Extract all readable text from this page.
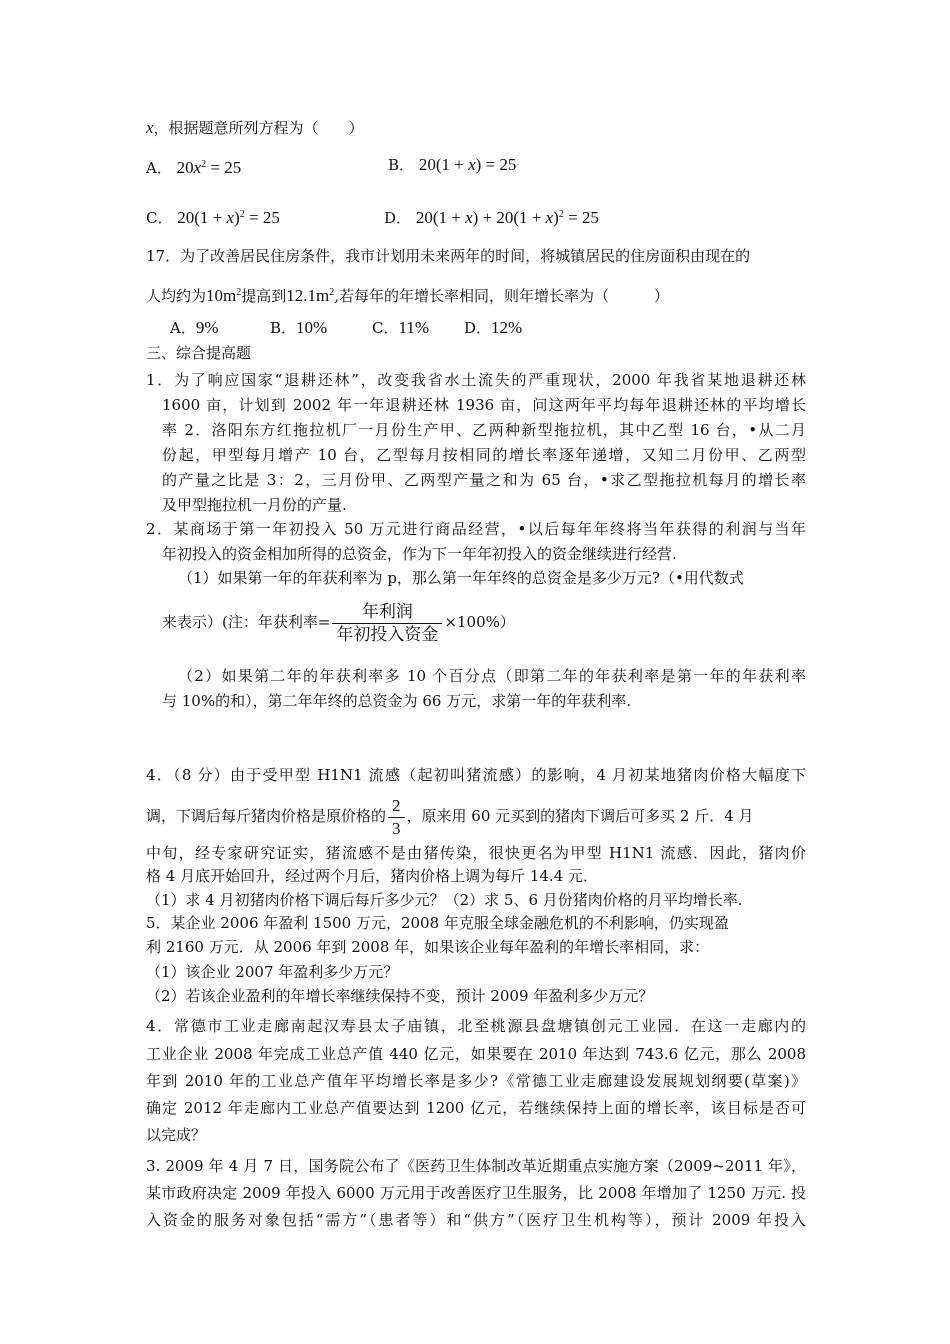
x，根据题意所列方程为（　　）
A． $20x^2 = 25$	B． 20(1 + x) = 25
C． $20(1 + x)^2 = 25$	D． $20(1 + x) + 20(1 + x)^2 = 25$
17．为了改善居民住房条件，我市计划用未来两年的时间，将城镇居民的住房面积由现在的
人均约为$10m^2$提高到$12.1m^2$,若每年的年增长率相同，则年增长率为（　　　）
A．9%	B．10%	C．11% D．12%
三、综合提高题
1．为了响应国家“退耕还林”，改变我省水土流失的严重现状，2000 年我省某地退耕还林
1600 亩，计划到 2002 年一年退耕还林 1936 亩，问这两年平均每年退耕还林的平均增长
率 2．洛阳东方红拖拉机厂一月份生产甲、乙两种新型拖拉机，其中乙型 16 台，•从二月
份起，甲型每月增产 10 台，乙型每月按相同的增长率逐年递增，又知二月份甲、乙两型
的产量之比是 3：2，三月份甲、乙两型产量之和为 65 台，•求乙型拖拉机每月的增长率
及甲型拖拉机一月份的产量.
2．某商场于第一年初投入 50 万元进行商品经营，•以后每年年终将当年获得的利润与当年
年初投入的资金相加所得的总资金，作为下一年年初投入的资金继续进行经营.
（1）如果第一年的年获利率为 p，那么第一年年终的总资金是多少万元?（•用代数式
来表示）(注：年获利率= $\frac{\text{年利润}}{\text{年初投入资金}} \times 100\%$）
（2）如果第二年的年获利率多 10 个百分点（即第二年的年获利率是第一年的年获利率
与 10%的和），第二年年终的总资金为 66 万元，求第一年的年获利率.
4．（8 分）由于受甲型 H1N1 流感（起初叫猪流感）的影响，4 月初某地猪肉价格大幅度下
调，下调后每斤猪肉价格是原价格的 $\frac{2}{3}$ ，原来用 60 元买到的猪肉下调后可多买 2 斤．4 月
中旬，经专家研究证实，猪流感不是由猪传染，很快更名为甲型 H1N1 流感．因此，猪肉价
格 4 月底开始回升，经过两个月后，猪肉价格上调为每斤 14.4 元．
（1）求 4 月初猪肉价格下调后每斤多少元？（2）求 5、6 月份猪肉价格的月平均增长率.
5．某企业 2006 年盈利 1500 万元，2008 年克服全球金融危机的不利影响，仍实现盈
利 2160 万元．从 2006 年到 2008 年，如果该企业每年盈利的年增长率相同，求：
（1）该企业 2007 年盈利多少万元？
（2）若该企业盈利的年增长率继续保持不变，预计 2009 年盈利多少万元？
4．常德市工业走廊南起汉寿县太子庙镇，北至桃源县盘塘镇创元工业园．在这一走廊内的
工业企业 2008 年完成工业总产值 440 亿元，如果要在 2010 年达到 743.6 亿元，那么 2008
年到 2010 年的工业总产值年平均增长率是多少?《常德工业走廊建设发展规划纲要(草案)》
确定 2012 年走廊内工业总产值要达到 1200 亿元，若继续保持上面的增长率，该目标是否可
以完成？
3. 2009 年 4 月 7 日，国务院公布了《医药卫生体制改革近期重点实施方案（2009~2011 年》，
某市政府决定 2009 年投入 6000 万元用于改善医疗卫生服务，比 2008 年增加了 1250 万元. 投
入资金的服务对象包括“需方”（患者等）和“供方”（医疗卫生机构等），预计 2009 年投入
